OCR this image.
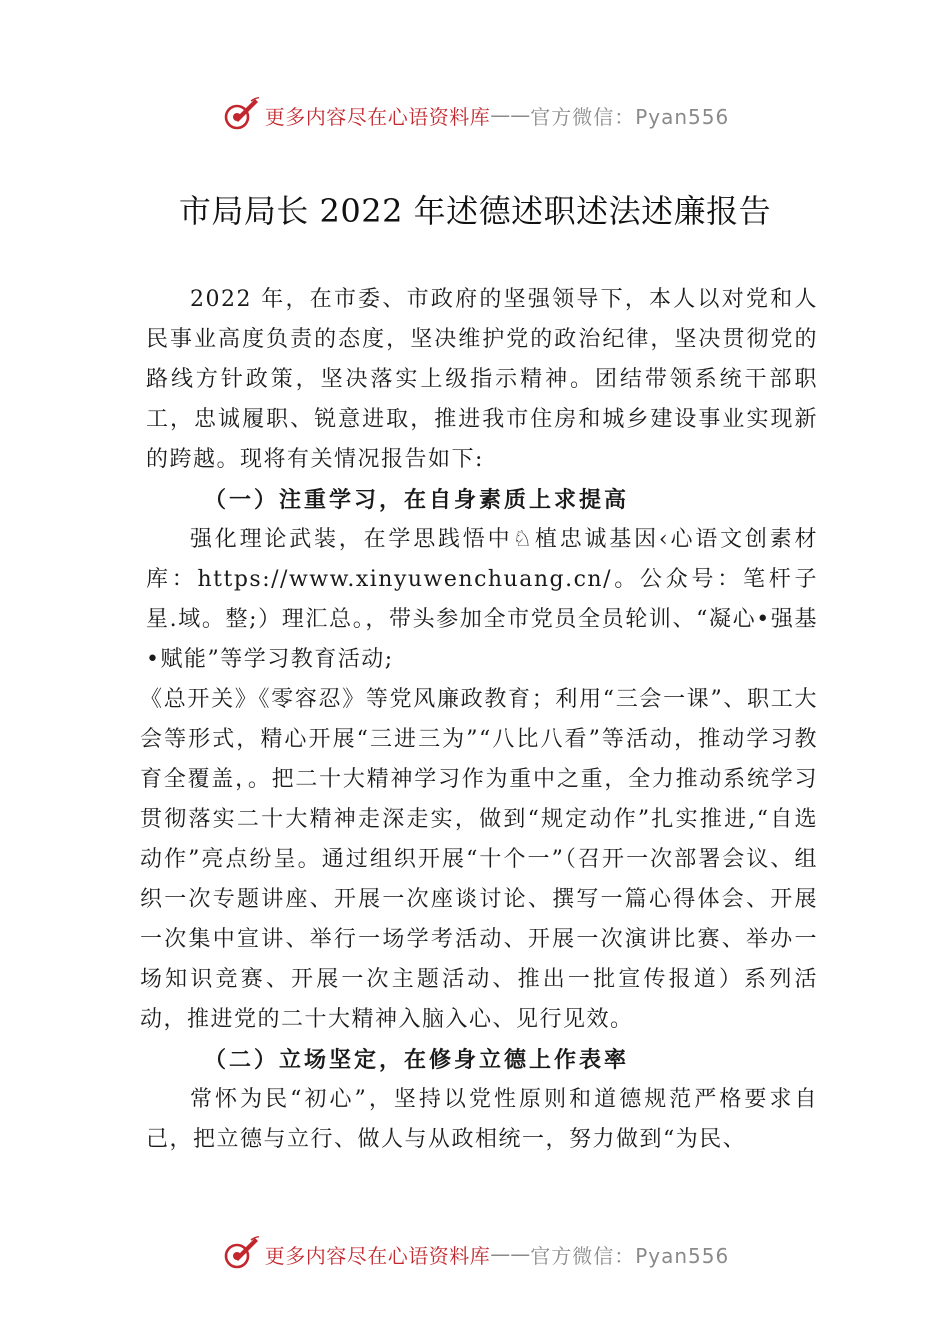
更多内容尽在心语资料库 —— 官方微信：Pyan556
市局局长 2022 年述德述职述法述廉报告

2022 年，在市委、市政府的坚强领导下，本人以对党和人民事业高度负责的态度，坚决维护党的政治纪律，坚决贯彻党的路线方针政策，坚决落实上级指示精神。团结带领系统干部职工，忠诚履职、锐意进取，推进我市住房和城乡建设事业实现新的跨越。现将有关情况报告如下:

（一）注重学习，在自身素质上求提高

强化理论武装，在学思践悟中♘植忠诚基因‹心语文创素材库：https://www.xinyuwenchuang.cn/。公众号：笔杆子星.域。整;）理汇总。，带头参加全市党员全员轮训、“凝心•强基•赋能”等学习教育活动;

《总开关》《零容忍》等党风廉政教育；利用“三会一课”、职工大会等形式，精心开展“三进三为”“八比八看”等活动，推动学习教育全覆盖，。把二十大精神学习作为重中之重，全力推动系统学习贯彻落实二十大精神走深走实，做到“规定动作”扎实推进,“自选动作”亮点纷呈。通过组织开展“十个一”（召开一次部署会议、组织一次专题讲座、开展一次座谈讨论、撰写一篇心得体会、开展一次集中宣讲、举行一场学考活动、开展一次演讲比赛、举办一场知识竞赛、开展一次主题活动、推出一批宣传报道）系列活动，推进党的二十大精神入脑入心、见行见效。

（二）立场坚定，在修身立德上作表率

常怀为民“初心”，坚持以党性原则和道德规范严格要求自己，把立德与立行、做人与从政相统一，努力做到“为民、

更多内容尽在心语资料库 —— 官方微信：Pyan556
